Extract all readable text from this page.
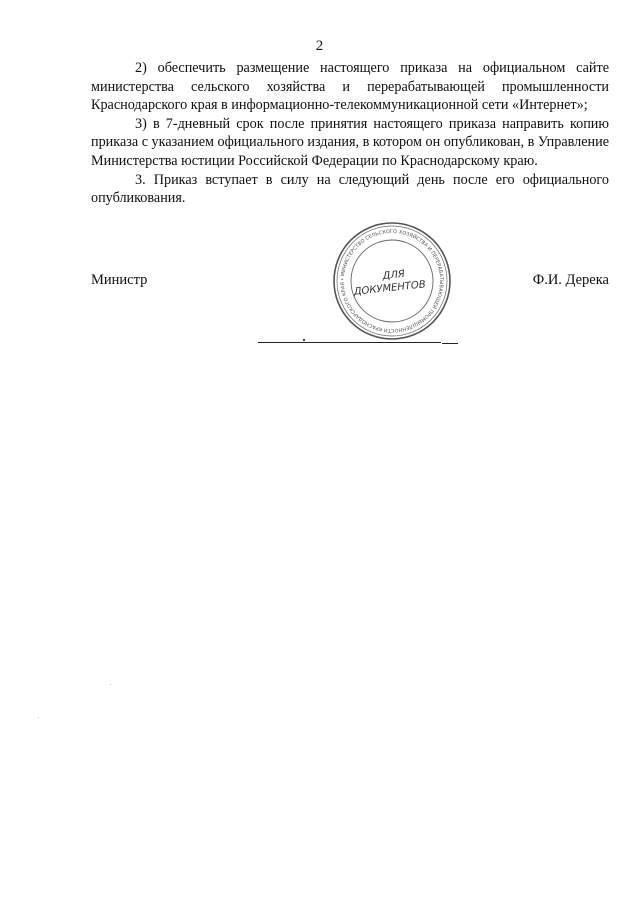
2

2) обеспечить размещение настоящего приказа на официальном сайте министерства сельского хозяйства и перерабатывающей промышленности Краснодарского края в информационно-телекоммуникационной сети «Интернет»;

3) в 7-дневный срок после принятия настоящего приказа направить копию приказа с указанием официального издания, в котором он опубликован, в Управление Министерства юстиции Российской Федерации по Краснодарскому краю.

3. Приказ вступает в силу на следующий день после его официального опубликования.

Министр	Ф.И. Дерека
• МИНИСТЕРСТВО СЕЛЬСКОГО ХОЗЯЙСТВА И ПЕРЕРАБАТЫВАЮЩЕЙ ПРОМЫШЛЕННОСТИ КРАСНОДАРСКОГО КРАЯ
ДЛЯ
ДОКУМЕНТОВ
